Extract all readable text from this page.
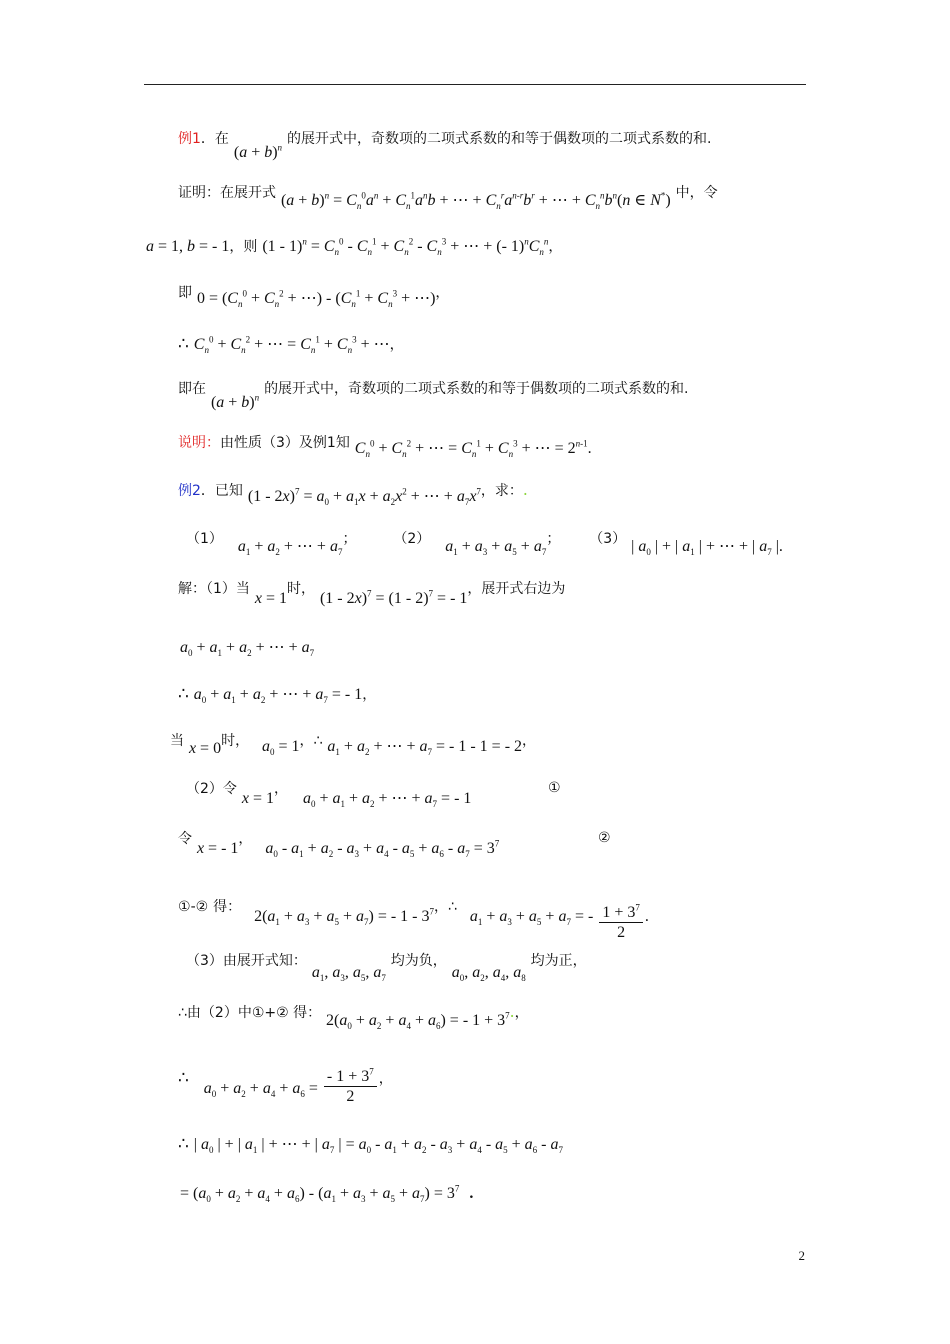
例1．在 $(a + b)^n$ 的展开式中，奇数项的二项式系数的和等于偶数项的二项式系数的和.
证明：在展开式 $(a + b)^n = C_n^0a^n + C_n^1a^nb$ + ⋯ + $C_n^ra^{n-r}b^r$ + ⋯ + $C_n^nb^n(n$ ∈ N*) 中，令
a = 1, b = - 1，则 $(1 - 1)^n = C_n^0 - C_n^1 + C_n^2 - C_n^3$ + ⋯ + (- $1)^nC_n^n$，
即 $0 = (C_n^0 + C_n^2$ + ⋯) - ($C_n^1 + C_n^3$ + ⋯)，
∴ $C_n^0 + C_n^2$ + ⋯ = $C_n^1 + C_n^3$ + ⋯，
即在 $(a + b)^n$ 的展开式中，奇数项的二项式系数的和等于偶数项的二项式系数的和.
说明：由性质（3）及例1知 $C_n^0 + C_n^2$ + ⋯ = $C_n^1 + C_n^3$ + ⋯ = $2^{n-1}$.
例2．已知 $(1 - 2x)^7 = a_0 + a_1x + a_2x^2$ + ⋯ + $a_7x^7$，求：.
（1） $a_1 + a_2$ + ⋯ + $a_7$；	（2） $a_1 + a_3 + a_5 + a_7$； （3） | $a_0$ | + | $a_1$ | + ⋯ + | $a_7$ |.
解：（1）当 x = 1时， (1 - 2x)$^7$ = (1 - 2)$^7$ = - 1，展开式右边为
$a_0 + a_1 + a_2$ + ⋯ + $a_7$
∴ $a_0 + a_1 + a_2$ + ⋯ + $a_7$ = - 1，
当 x = 0时， $a_0 = 1$，∴ $a_1 + a_2$ + ⋯ + $a_7$ = - 1 - 1 = - 2，
（2）令 x = 1， $a_0 + a_1 + a_2$ + ⋯ + $a_7$ = - 1
①
令 x = - 1， $a_0 - a_1 + a_2 - a_3 + a_4 - a_5 + a_6 - a_7 = 3^7$	②
①-② 得： $2(a_1 + a_3 + a_5 + a_7)$ = - $1 - 3^7$，∴ $a_1 + a_3 + a_5 + a_7$ = - $\frac{1 + 3^7}{2}$ .
（3）由展开式知： $a_1$, $a_3$, $a_5$, $a_7$ 均为负， $a_0$, $a_2$, $a_4$, $a_8$ 均为正，
∴由（2）中①+② 得： $2(a_0 + a_2 + a_4 + a_6)$ = - $1 + 3^7$.，
∴ $a_0 + a_2 + a_4 + a_6 = \frac{- 1 + 3^7}{2}$ ，
∴ | $a_0$ | + | $a_1$ | + ⋯ + | $a_7$ | = $a_0 - a_1 + a_2 - a_3 + a_4 - a_5 + a_6 - a_7$
= $(a_0 + a_2 + a_4 + a_6) - (a_1 + a_3 + a_5 + a_7) = 3^7$ .
2
